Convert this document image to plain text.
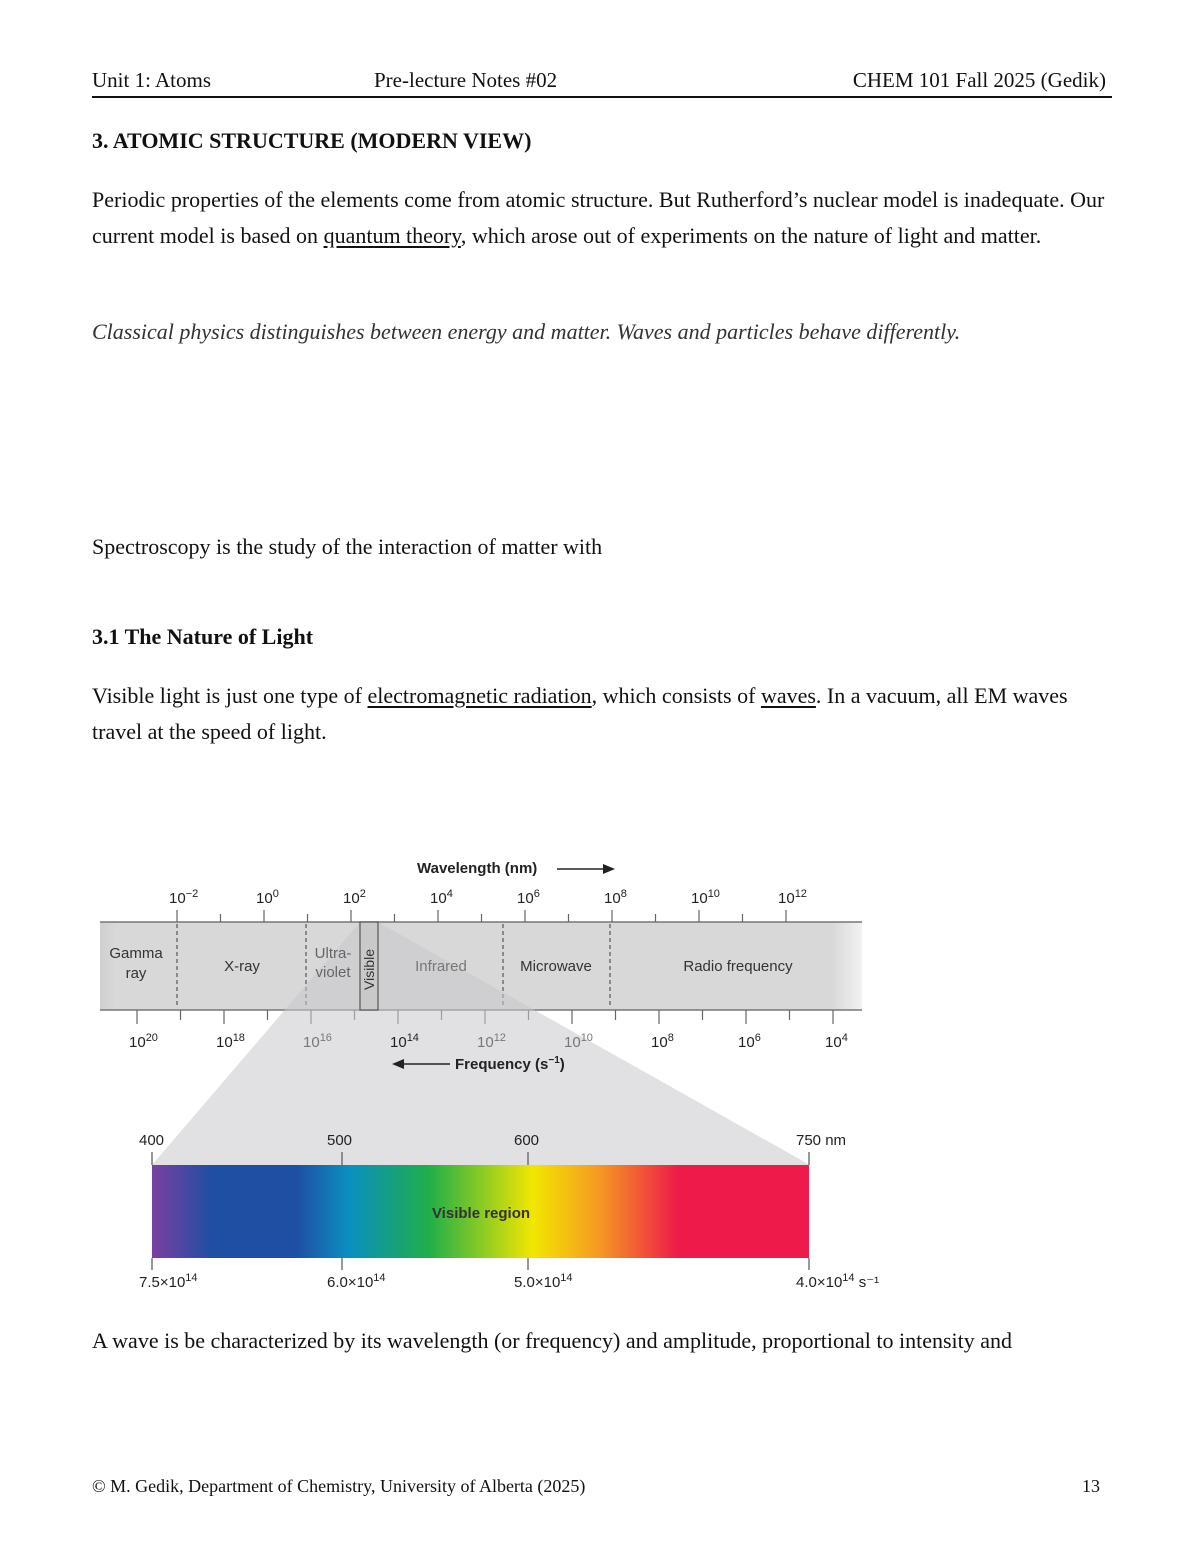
Unit 1: Atoms	Pre-lecture Notes #02	CHEM 101 Fall 2025 (Gedik)
3. ATOMIC STRUCTURE (MODERN VIEW)
Periodic properties of the elements come from atomic structure. But Rutherford’s nuclear model is inadequate. Our current model is based on quantum theory, which arose out of experiments on the nature of light and matter.
Classical physics distinguishes between energy and matter. Waves and particles behave differently.
Spectroscopy is the study of the interaction of matter with
3.1 The Nature of Light
Visible light is just one type of electromagnetic radiation, which consists of waves. In a vacuum, all EM waves travel at the speed of light.
Wavelength (nm)
$10^{-2}$	$10^0$	$10^2$	$10^4$	$10^6$	$10^8$	$10^{10}$	$10^{12}$
Gamma
ray	X-ray
Ultra-
violet Visible	Infrared	Microwave	Radio frequency
$10^{20}$	$10^{18}$	$10^{16}$	$10^{14}$	$10^{12}$	$10^{10}$	$10^8$	$10^6$	$10^4$
Frequency $(s^{-1})$
400	500	600	750 nm
Visible region
$7.5\times 10^{14}$	$6.0\times 10^{14}$	$5.0\times 10^{14}$	$4.0\times 10^{14}$ s⁻¹
A wave is be characterized by its wavelength (or frequency) and amplitude, proportional to intensity and
© M. Gedik, Department of Chemistry, University of Alberta (2025)	13
